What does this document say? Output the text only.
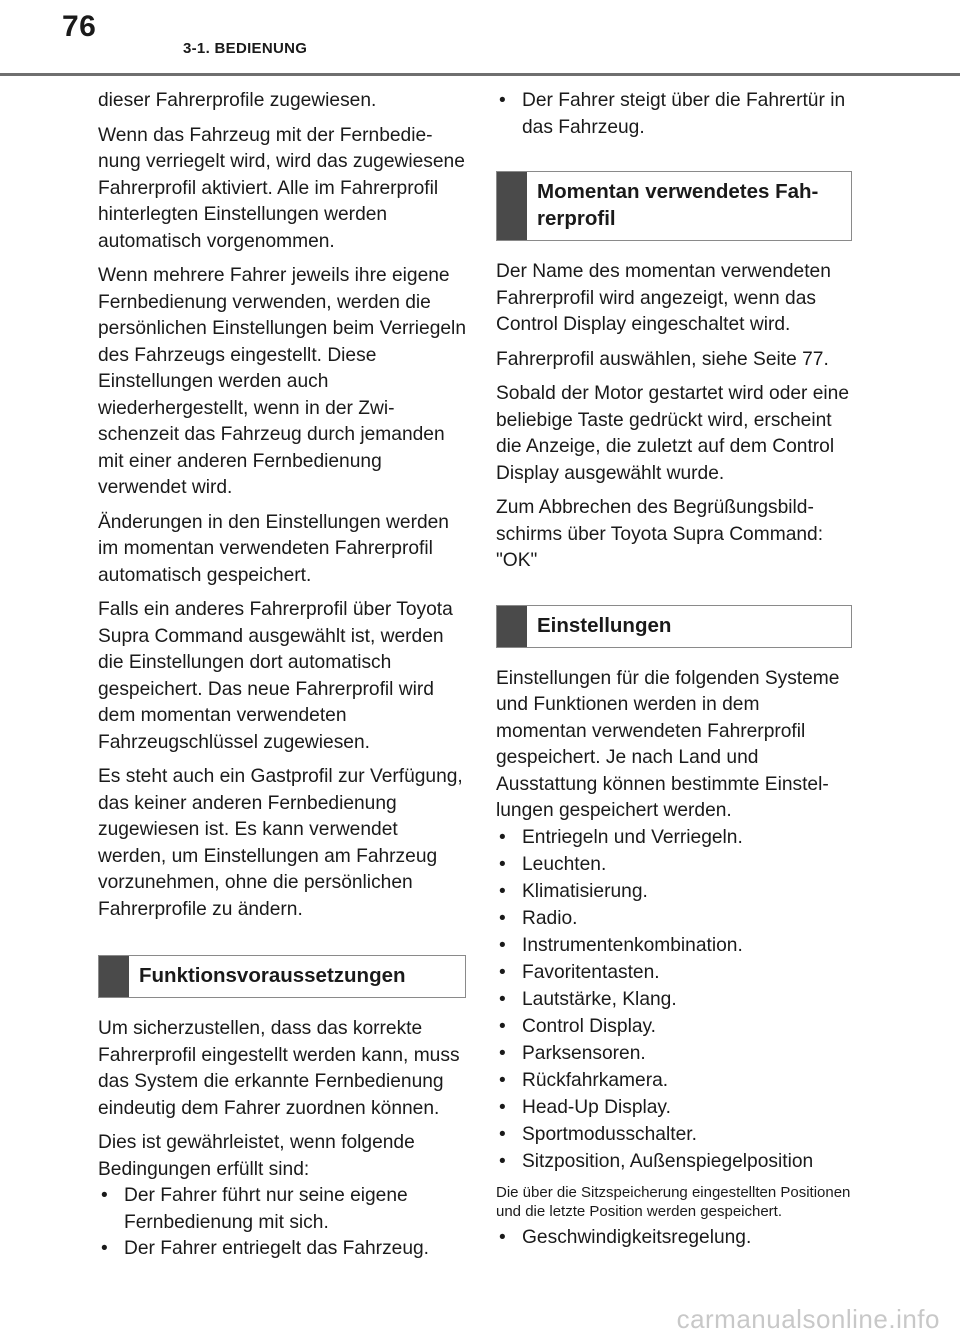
76
3-1. BEDIENUNG

dieser Fahrerprofile zugewiesen.

Wenn das Fahrzeug mit der Fernbedienung verriegelt wird, wird das zugewiesene Fahrerprofil aktiviert. Alle im Fahrerprofil hinterlegten Einstellungen werden automatisch vorgenommen.

Wenn mehrere Fahrer jeweils ihre eigene Fernbedienung verwenden, werden die persönlichen Einstellungen beim Verriegeln des Fahrzeugs eingestellt. Diese Einstellungen werden auch wiederhergestellt, wenn in der Zwischenzeit das Fahrzeug durch jemanden mit einer anderen Fernbedienung verwendet wird.

Änderungen in den Einstellungen werden im momentan verwendeten Fahrerprofil automatisch gespeichert.

Falls ein anderes Fahrerprofil über Toyota Supra Command ausgewählt ist, werden die Einstellungen dort automatisch gespeichert. Das neue Fahrerprofil wird dem momentan verwendeten Fahrzeugschlüssel zugewiesen.

Es steht auch ein Gastprofil zur Verfügung, das keiner anderen Fernbedienung zugewiesen ist. Es kann verwendet werden, um Einstellungen am Fahrzeug vorzunehmen, ohne die persönlichen Fahrerprofile zu ändern.

Funktionsvoraussetzungen

Um sicherzustellen, dass das korrekte Fahrerprofil eingestellt werden kann, muss das System die erkannte Fernbedienung eindeutig dem Fahrer zuordnen können.

Dies ist gewährleistet, wenn folgende Bedingungen erfüllt sind:

• Der Fahrer führt nur seine eigene Fernbedienung mit sich.
• Der Fahrer entriegelt das Fahrzeug.
• Der Fahrer steigt über die Fahrertür in das Fahrzeug.
Momentan verwendetes Fahrerprofil

Der Name des momentan verwendeten Fahrerprofil wird angezeigt, wenn das Control Display eingeschaltet wird.

Fahrerprofil auswählen, siehe Seite 77.

Sobald der Motor gestartet wird oder eine beliebige Taste gedrückt wird, erscheint die Anzeige, die zuletzt auf dem Control Display ausgewählt wurde.

Zum Abbrechen des Begrüßungsbildschirms über Toyota Supra Command: "OK"

Einstellungen

Einstellungen für die folgenden Systeme und Funktionen werden in dem momentan verwendeten Fahrerprofil gespeichert. Je nach Land und Ausstattung können bestimmte Einstellungen gespeichert werden.

• Entriegeln und Verriegeln.
• Leuchten.
• Klimatisierung.
• Radio.
• Instrumentenkombination.
• Favoritentasten.
• Lautstärke, Klang.
• Control Display.
• Parksensoren.
• Rückfahrkamera.
• Head-Up Display.
• Sportmodusschalter.
• Sitzposition, Außenspiegelposition

Die über die Sitzspeicherung eingestellten Positionen und die letzte Position werden gespeichert.

• Geschwindigkeitsregelung.
carmanualsonline.info
